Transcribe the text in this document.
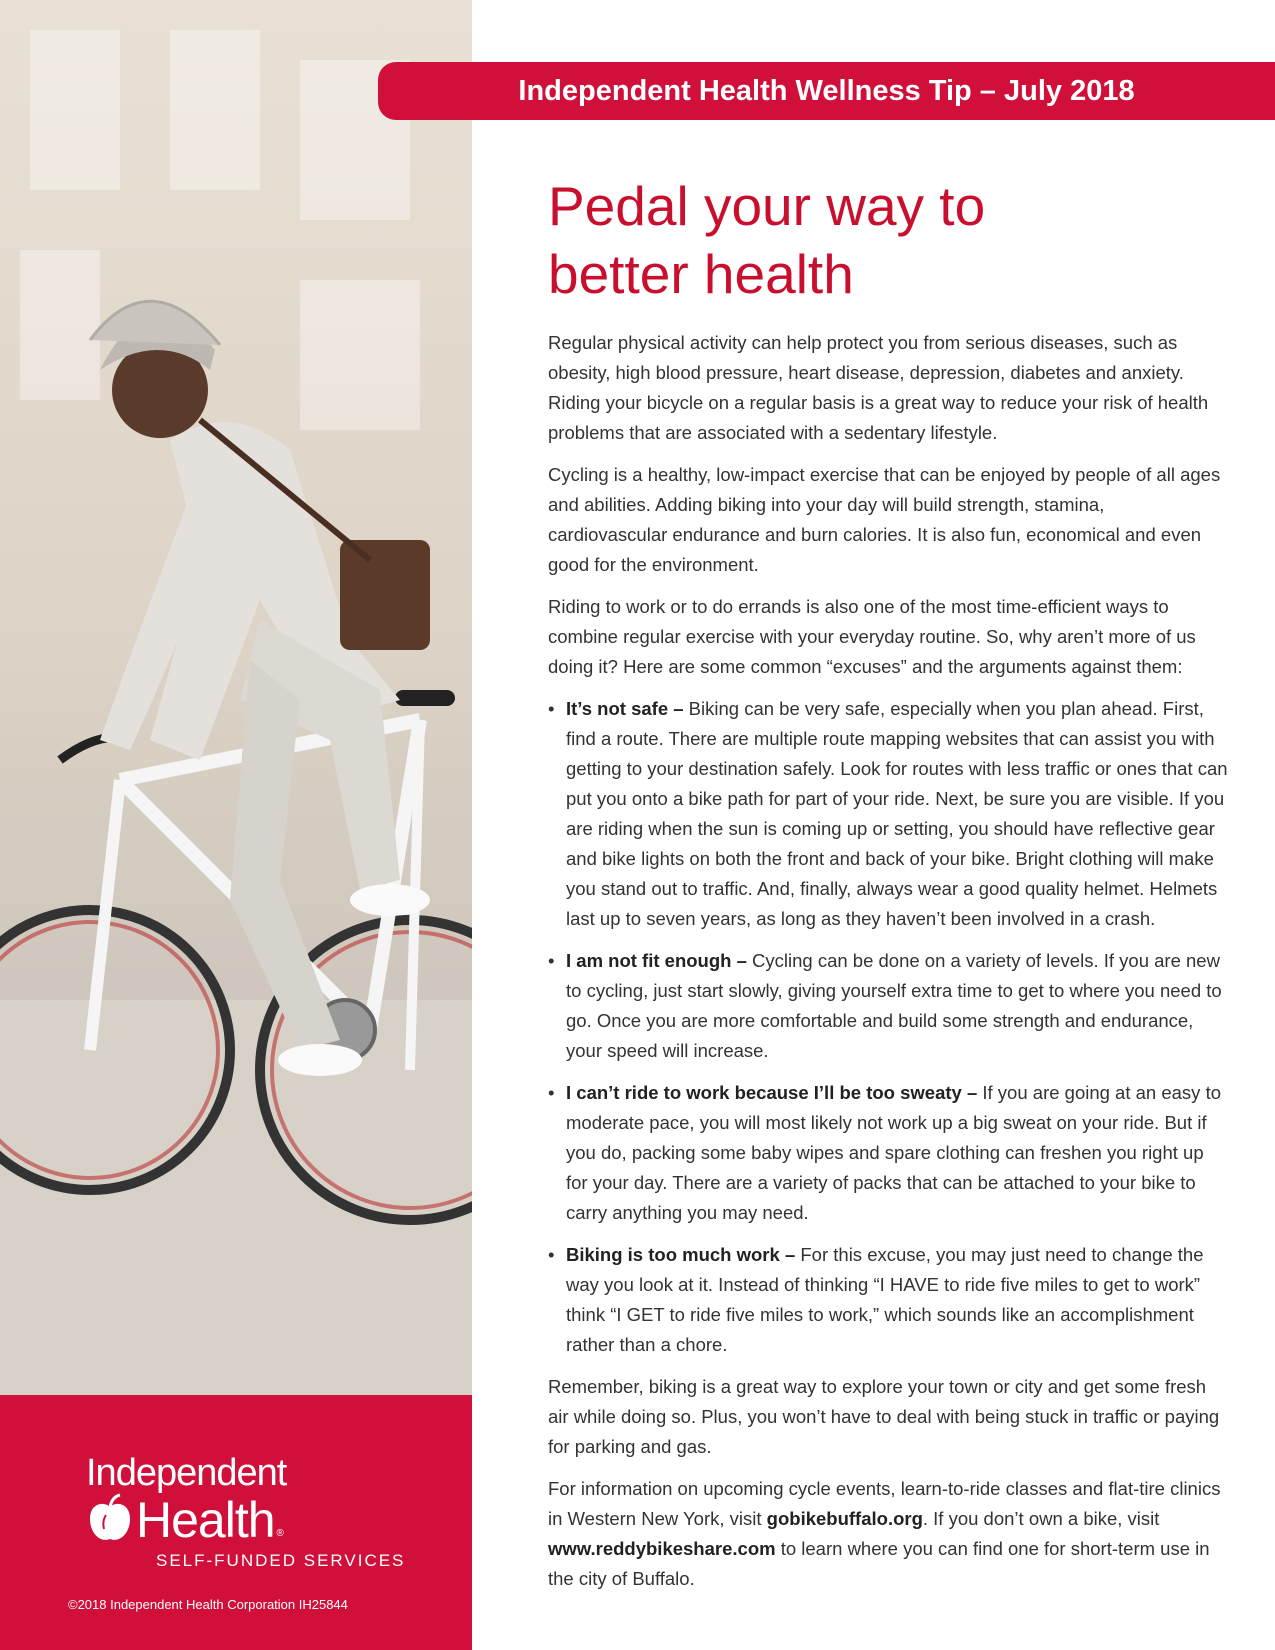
Independent
Health ®
SELF-FUNDED SERVICES
©2018 Independent Health Corporation IH25844
Independent Health Wellness Tip – July 2018
Pedal your way to
better health

Regular physical activity can help protect you from serious diseases, such as obesity, high blood pressure, heart disease, depression, diabetes and anxiety. Riding your bicycle on a regular basis is a great way to reduce your risk of health problems that are associated with a sedentary lifestyle.

Cycling is a healthy, low-impact exercise that can be enjoyed by people of all ages and abilities. Adding biking into your day will build strength, stamina, cardiovascular endurance and burn calories. It is also fun, economical and even good for the environment.

Riding to work or to do errands is also one of the most time-efficient ways to combine regular exercise with your everyday routine. So, why aren’t more of us doing it? Here are some common “excuses” and the arguments against them:

• It’s not safe – Biking can be very safe, especially when you plan ahead. First, find a route. There are multiple route mapping websites that can assist you with getting to your destination safely. Look for routes with less traffic or ones that can put you onto a bike path for part of your ride. Next, be sure you are visible. If you are riding when the sun is coming up or setting, you should have reflective gear and bike lights on both the front and back of your bike. Bright clothing will make you stand out to traffic. And, finally, always wear a good quality helmet. Helmets last up to seven years, as long as they haven’t been involved in a crash.
• I am not fit enough – Cycling can be done on a variety of levels. If you are new to cycling, just start slowly, giving yourself extra time to get to where you need to go. Once you are more comfortable and build some strength and endurance, your speed will increase.
• I can’t ride to work because I’ll be too sweaty – If you are going at an easy to moderate pace, you will most likely not work up a big sweat on your ride. But if you do, packing some baby wipes and spare clothing can freshen you right up for your day. There are a variety of packs that can be attached to your bike to carry anything you may need.
• Biking is too much work – For this excuse, you may just need to change the way you look at it. Instead of thinking “I HAVE to ride five miles to get to work” think “I GET to ride five miles to work,” which sounds like an accomplishment rather than a chore.

Remember, biking is a great way to explore your town or city and get some fresh air while doing so. Plus, you won’t have to deal with being stuck in traffic or paying for parking and gas.

For information on upcoming cycle events, learn-to-ride classes and flat-tire clinics in Western New York, visit gobikebuffalo.org. If you don’t own a bike, visit www.reddybikeshare.com to learn where you can find one for short-term use in the city of Buffalo.
